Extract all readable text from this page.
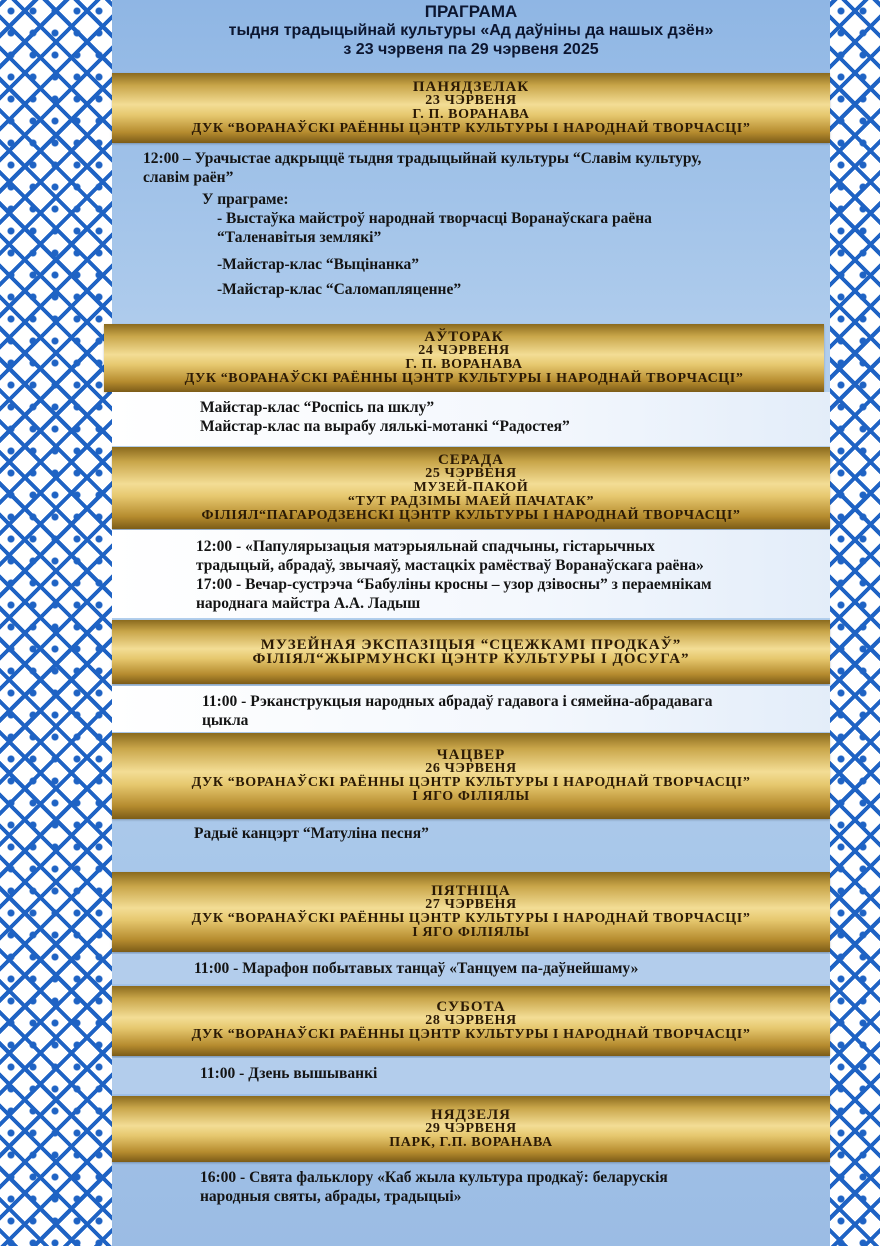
ПРАГРАМА
тыдня традыцыйнай культуры «Ад даўніны да нашых дзён»
з 23 чэрвеня па 29 чэрвеня 2025
ПАНЯДЗЕЛАК
23 ЧЭРВЕНЯ
Г. П. ВОРАНАВА
ДУК “ВОРАНАЎСКІ РАЁННЫ ЦЭНТР КУЛЬТУРЫ І НАРОДНАЙ ТВОРЧАСЦІ”

12:00 – Урачыстае адкрыццё тыдня традыцыйнай культуры “Славім культуру,
славім раён”

У праграме:

- Выстаўка майстроў народнай творчасці Воранаўскага раёна
“Таленавітыя землякі”

-Майстар-клас “Выцінанка”

-Майстар-клас “Саломапляценне”

АЎТОРАК
24 ЧЭРВЕНЯ
Г. П. ВОРАНАВА
ДУК “ВОРАНАЎСКІ РАЁННЫ ЦЭНТР КУЛЬТУРЫ І НАРОДНАЙ ТВОРЧАСЦІ”

Майстар-клас “Роспісь па шклу”

Майстар-клас па вырабу лялькі-мотанкі “Радостея”

СЕРАДА
25 ЧЭРВЕНЯ
МУЗЕЙ-ПАКОЙ
“ТУТ РАДЗІМЫ МАЕЙ ПАЧАТАК”
ФІЛІЯЛ“ПАГАРОДЗЕНСКІ ЦЭНТР КУЛЬТУРЫ І НАРОДНАЙ ТВОРЧАСЦІ”

12:00 - «Папулярызацыя матэрыяльнай спадчыны, гістарычных
традыцый, абрадаў, звычаяў, мастацкіх рамёстваў Воранаўскага раёна»

17:00 - Вечар-сустрэча “Бабуліны кросны – узор дзівосны” з пераемнікам
народнага майстра А.А. Ладыш

МУЗЕЙНАЯ ЭКСПАЗІЦЫЯ “СЦЕЖКАМІ ПРОДКАЎ”
ФІЛІЯЛ“ЖЫРМУНСКІ ЦЭНТР КУЛЬТУРЫ І ДОСУГА”

11:00 - Рэканструкцыя народных абрадаў гадавога і сямейна-абрадавага
цыкла

ЧАЦВЕР
26 ЧЭРВЕНЯ
ДУК “ВОРАНАЎСКІ РАЁННЫ ЦЭНТР КУЛЬТУРЫ І НАРОДНАЙ ТВОРЧАСЦІ”
І ЯГО ФІЛІЯЛЫ

Радыё канцэрт “Матуліна песня”

ПЯТНІЦА
27 ЧЭРВЕНЯ
ДУК “ВОРАНАЎСКІ РАЁННЫ ЦЭНТР КУЛЬТУРЫ І НАРОДНАЙ ТВОРЧАСЦІ”
І ЯГО ФІЛІЯЛЫ

11:00 - Марафон побытавых танцаў «Танцуем па-даўнейшаму»

СУБОТА
28 ЧЭРВЕНЯ
ДУК “ВОРАНАЎСКІ РАЁННЫ ЦЭНТР КУЛЬТУРЫ І НАРОДНАЙ ТВОРЧАСЦІ”

11:00 - Дзень вышыванкі

НЯДЗЕЛЯ
29 ЧЭРВЕНЯ
ПАРК, Г.П. ВОРАНАВА

16:00 - Свята фальклору «Каб жыла культура продкаў: беларускія
народныя святы, абрады, традыцыі»
